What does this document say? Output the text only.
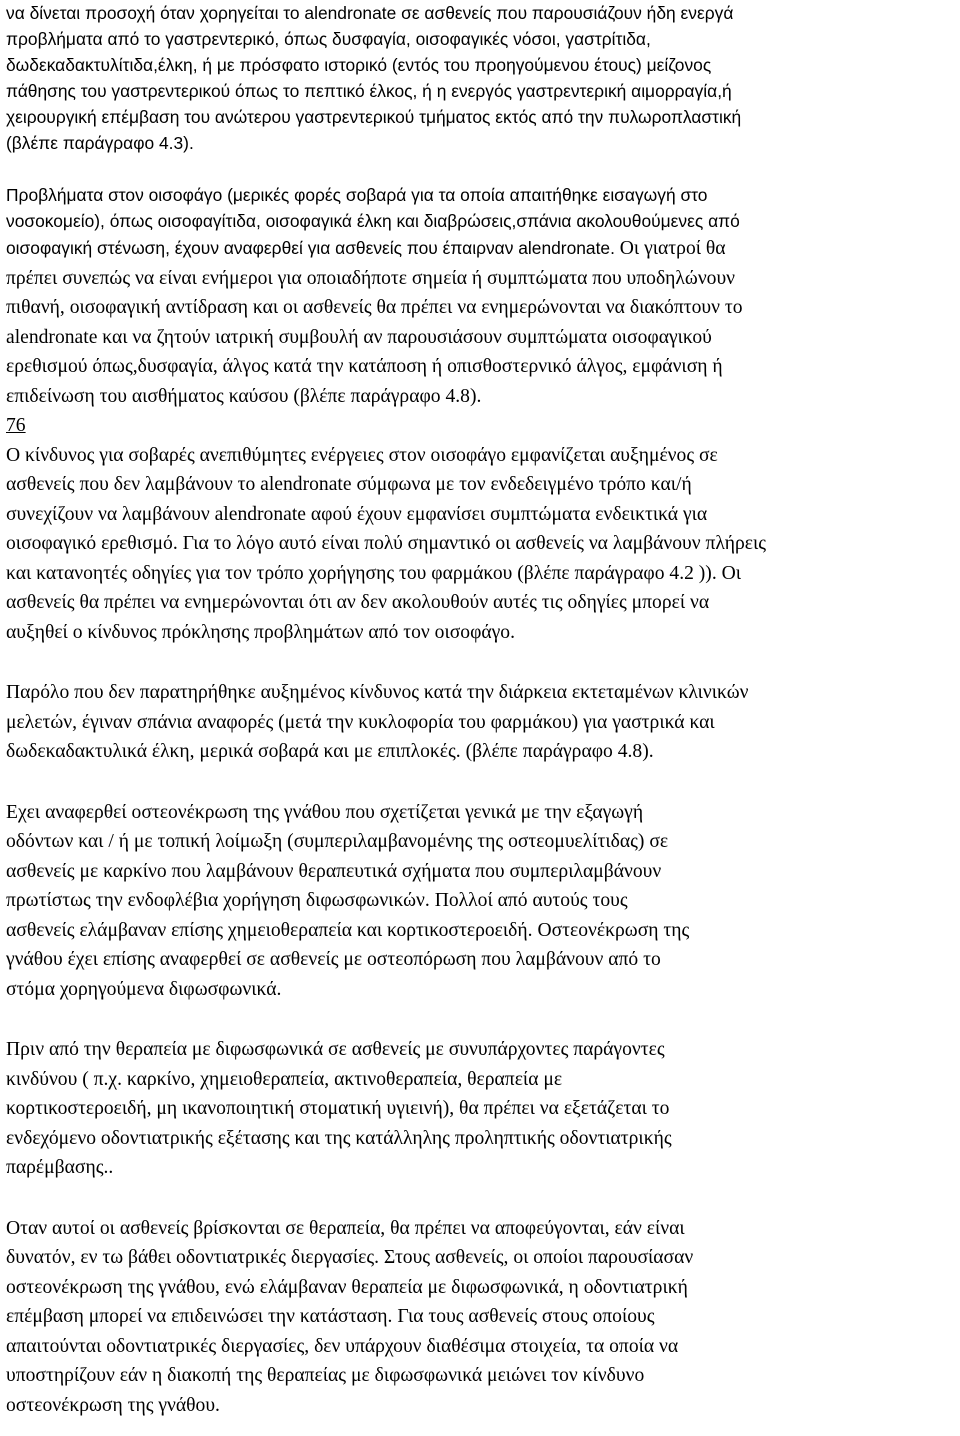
να δίνεται προσοχή όταν χορηγείται το alendronate σε ασθενείς που παρουσιάζουν ήδη ενεργά
προβλήματα από το γαστρεντερικό, όπως δυσφαγία, οισοφαγικές νόσοι, γαστρίτιδα,
δωδεκαδακτυλίτιδα,έλκη, ή με πρόσφατο ιστορικό (εντός του προηγούμενου έτους) μείζονος
πάθησης του γαστρεντερικού όπως το πεπτικό έλκος, ή η ενεργός γαστρεντερική αιμορραγία,ή
χειρουργική επέμβαση του ανώτερου γαστρεντερικού τμήματος εκτός από την πυλωροπλαστική
(βλέπε παράγραφο 4.3).
Προβλήματα στον οισοφάγο (μερικές φορές σοβαρά για τα οποία απαιτήθηκε εισαγωγή στο
νοσοκομείο), όπως οισοφαγίτιδα, οισοφαγικά έλκη και διαβρώσεις,σπάνια ακολουθούμενες από
οισοφαγική στένωση, έχουν αναφερθεί για ασθενείς που έπαιρναν alendronate. Οι γιατροί θα
πρέπει συνεπώς να είναι ενήμεροι για οποιαδήποτε σημεία ή συμπτώματα που υποδηλώνουν
πιθανή, οισοφαγική αντίδραση και οι ασθενείς θα πρέπει να ενημερώνονται να διακόπτουν το
alendronate και να ζητούν ιατρική συμβουλή αν παρουσιάσουν συμπτώματα οισοφαγικού
ερεθισμού όπως,δυσφαγία, άλγος κατά την κατάποση ή οπισθοστερνικό άλγος, εμφάνιση ή
επιδείνωση του αισθήματος καύσου (βλέπε παράγραφο 4.8).
76
Ο κίνδυνος για σοβαρές ανεπιθύμητες ενέργειες στον οισοφάγο εμφανίζεται αυξημένος σε
ασθενείς που δεν λαμβάνουν το alendronate σύμφωνα με τον ενδεδειγμένο τρόπο και/ή
συνεχίζουν να λαμβάνουν alendronate αφού έχουν εμφανίσει συμπτώματα ενδεικτικά για
οισοφαγικό ερεθισμό. Για το λόγο αυτό είναι πολύ σημαντικό οι ασθενείς να λαμβάνουν πλήρεις
και κατανοητές οδηγίες για τον τρόπο χορήγησης του φαρμάκου (βλέπε παράγραφο 4.2 )). Οι
ασθενείς θα πρέπει να ενημερώνονται ότι αν δεν ακολουθούν αυτές τις οδηγίες μπορεί να
αυξηθεί ο κίνδυνος πρόκλησης προβλημάτων από τον οισοφάγο.
Παρόλο που δεν παρατηρήθηκε αυξημένος κίνδυνος κατά την διάρκεια εκτεταμένων κλινικών
μελετών, έγιναν σπάνια αναφορές (μετά την κυκλοφορία του φαρμάκου) για γαστρικά και
δωδεκαδακτυλικά έλκη, μερικά σοβαρά και με επιπλοκές. (βλέπε παράγραφο 4.8).
Εχει αναφερθεί οστεονέκρωση της γνάθου που σχετίζεται γενικά με την εξαγωγή
οδόντων και / ή με τοπική λοίμωξη (συμπεριλαμβανομένης της οστεομυελίτιδας) σε
ασθενείς με καρκίνο που λαμβάνουν θεραπευτικά σχήματα που συμπεριλαμβάνουν
πρωτίστως την ενδοφλέβια χορήγηση διφωσφωνικών. Πολλοί από αυτούς τους
ασθενείς ελάμβαναν επίσης χημειοθεραπεία και κορτικοστεροειδή. Οστεονέκρωση της
γνάθου έχει επίσης αναφερθεί σε ασθενείς με οστεοπόρωση που λαμβάνουν από το
στόμα χορηγούμενα διφωσφωνικά.
Πριν από την θεραπεία με διφωσφωνικά σε ασθενείς με συνυπάρχοντες παράγοντες
κινδύνου ( π.χ. καρκίνο, χημειοθεραπεία, ακτινοθεραπεία, θεραπεία με
κορτικοστεροειδή, μη ικανοποιητική στοματική υγιεινή), θα πρέπει να εξετάζεται το
ενδεχόμενο οδοντιατρικής εξέτασης και της κατάλληλης προληπτικής οδοντιατρικής
παρέμβασης..
Οταν αυτοί οι ασθενείς βρίσκονται σε θεραπεία, θα πρέπει να αποφεύγονται, εάν είναι
δυνατόν, εν τω βάθει οδοντιατρικές διεργασίες. Στους ασθενείς, οι οποίοι παρουσίασαν
οστεονέκρωση της γνάθου, ενώ ελάμβαναν θεραπεία με διφωσφωνικά, η οδοντιατρική
επέμβαση μπορεί να επιδεινώσει την κατάσταση. Για τους ασθενείς στους οποίους
απαιτούνται οδοντιατρικές διεργασίες, δεν υπάρχουν διαθέσιμα στοιχεία, τα οποία να
υποστηρίζουν εάν η διακοπή της θεραπείας με διφωσφωνικά μειώνει τον κίνδυνο
οστεονέκρωση της γνάθου.
